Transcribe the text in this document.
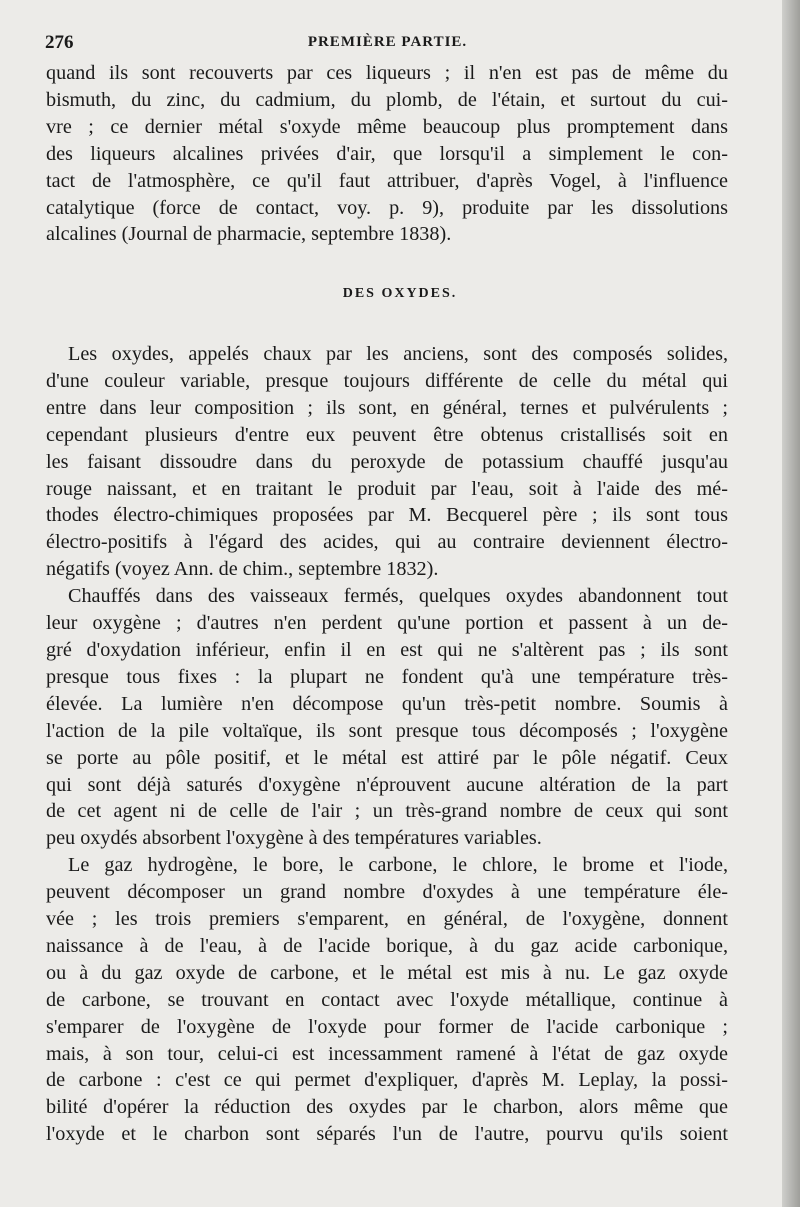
276	PREMIÈRE PARTIE.
quand ils sont recouverts par ces liqueurs ; il n'en est pas de même du
bismuth, du zinc, du cadmium, du plomb, de l'étain, et surtout du cui-
vre ; ce dernier métal s'oxyde même beaucoup plus promptement dans
des liqueurs alcalines privées d'air, que lorsqu'il a simplement le con-
tact de l'atmosphère, ce qu'il faut attribuer, d'après Vogel, à l'influence
catalytique (force de contact, voy. p. 9), produite par les dissolutions
alcalines (Journal de pharmacie, septembre 1838).
DES OXYDES.
Les oxydes, appelés chaux par les anciens, sont des composés solides,
d'une couleur variable, presque toujours différente de celle du métal qui
entre dans leur composition ; ils sont, en général, ternes et pulvérulents ;
cependant plusieurs d'entre eux peuvent être obtenus cristallisés soit en
les faisant dissoudre dans du peroxyde de potassium chauffé jusqu'au
rouge naissant, et en traitant le produit par l'eau, soit à l'aide des mé-
thodes électro-chimiques proposées par M. Becquerel père ; ils sont tous
électro-positifs à l'égard des acides, qui au contraire deviennent électro-
négatifs (voyez Ann. de chim., septembre 1832).
Chauffés dans des vaisseaux fermés, quelques oxydes abandonnent tout
leur oxygène ; d'autres n'en perdent qu'une portion et passent à un de-
gré d'oxydation inférieur, enfin il en est qui ne s'altèrent pas ; ils sont
presque tous fixes : la plupart ne fondent qu'à une température très-
élevée. La lumière n'en décompose qu'un très-petit nombre. Soumis à
l'action de la pile voltaïque, ils sont presque tous décomposés ; l'oxygène
se porte au pôle positif, et le métal est attiré par le pôle négatif. Ceux
qui sont déjà saturés d'oxygène n'éprouvent aucune altération de la part
de cet agent ni de celle de l'air ; un très-grand nombre de ceux qui sont
peu oxydés absorbent l'oxygène à des températures variables.
Le gaz hydrogène, le bore, le carbone, le chlore, le brome et l'iode,
peuvent décomposer un grand nombre d'oxydes à une température éle-
vée ; les trois premiers s'emparent, en général, de l'oxygène, donnent
naissance à de l'eau, à de l'acide borique, à du gaz acide carbonique,
ou à du gaz oxyde de carbone, et le métal est mis à nu. Le gaz oxyde
de carbone, se trouvant en contact avec l'oxyde métallique, continue à
s'emparer de l'oxygène de l'oxyde pour former de l'acide carbonique ;
mais, à son tour, celui-ci est incessamment ramené à l'état de gaz oxyde
de carbone : c'est ce qui permet d'expliquer, d'après M. Leplay, la possi-
bilité d'opérer la réduction des oxydes par le charbon, alors même que
l'oxyde et le charbon sont séparés l'un de l'autre, pourvu qu'ils soient
